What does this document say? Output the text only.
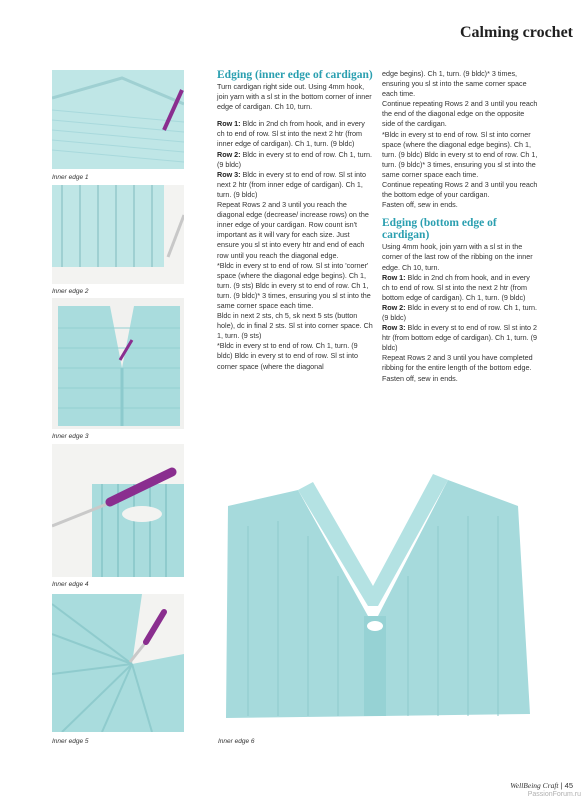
Calming crochet
Inner edge 1
Inner edge 2
Inner edge 3
Inner edge 4
Inner edge 5	Inner edge 6
Edging (inner edge of cardigan)

Turn cardigan right side out. Using 4mm hook, join yarn with a sl st in the bottom corner of inner edge of cardigan. Ch 10, turn.

Row 1: Bldc in 2nd ch from hook, and in every ch to end of row. Sl st into the next 2 htr (from inner edge of cardigan). Ch 1, turn. (9 bldc)

Row 2: Bldc in every st to end of row. Ch 1, turn. (9 bldc)

Row 3: Bldc in every st to end of row. Sl st into next 2 htr (from inner edge of cardigan). Ch 1, turn. (9 bldc)

Repeat Rows 2 and 3 until you reach the diagonal edge (decrease/ increase rows) on the inner edge of your cardigan. Row count isn't important as it will vary for each size. Just ensure you sl st into every htr and end of each row until you reach the diagonal edge.

*Bldc in every st to end of row. Sl st into 'corner' space (where the diagonal edge begins). Ch 1, turn. (9 sts) Bldc in every st to end of row. Ch 1, turn. (9 bldc)* 3 times, ensuring you sl st into the same corner space each time.

Bldc in next 2 sts, ch 5, sk next 5 sts (button hole), dc in final 2 sts. Sl st into corner space. Ch 1, turn. (9 sts)

*Bldc in every st to end of row. Ch 1, turn. (9 bldc) Bldc in every st to end of row. Sl st into corner space (where the diagonal

edge begins). Ch 1, turn. (9 bldc)* 3 times, ensuring you sl st into the same corner space each time.

Continue repeating Rows 2 and 3 until you reach the end of the diagonal edge on the opposite side of the cardigan.

*Bldc in every st to end of row. Sl st into corner space (where the diagonal edge begins). Ch 1, turn. (9 bldc) Bldc in every st to end of row. Ch 1, turn. (9 bldc)* 3 times, ensuring you sl st into the same corner space each time.

Continue repeating Rows 2 and 3 until you reach the bottom edge of your cardigan.

Fasten off, sew in ends.

Edging (bottom edge of cardigan)

Using 4mm hook, join yarn with a sl st in the corner of the last row of the ribbing on the inner edge. Ch 10, turn.

Row 1: Bldc in 2nd ch from hook, and in every ch to end of row. Sl st into the next 2 htr (from bottom edge of cardigan). Ch 1, turn. (9 bldc)

Row 2: Bldc in every st to end of row. Ch 1, turn. (9 bldc)

Row 3: Bldc in every st to end of row. Sl st into 2 htr (from bottom edge of cardigan). Ch 1, turn. (9 bldc)

Repeat Rows 2 and 3 until you have completed ribbing for the entire length of the bottom edge.

Fasten off, sew in ends.

WellBeing Craft | 45
PassionForum.ru
